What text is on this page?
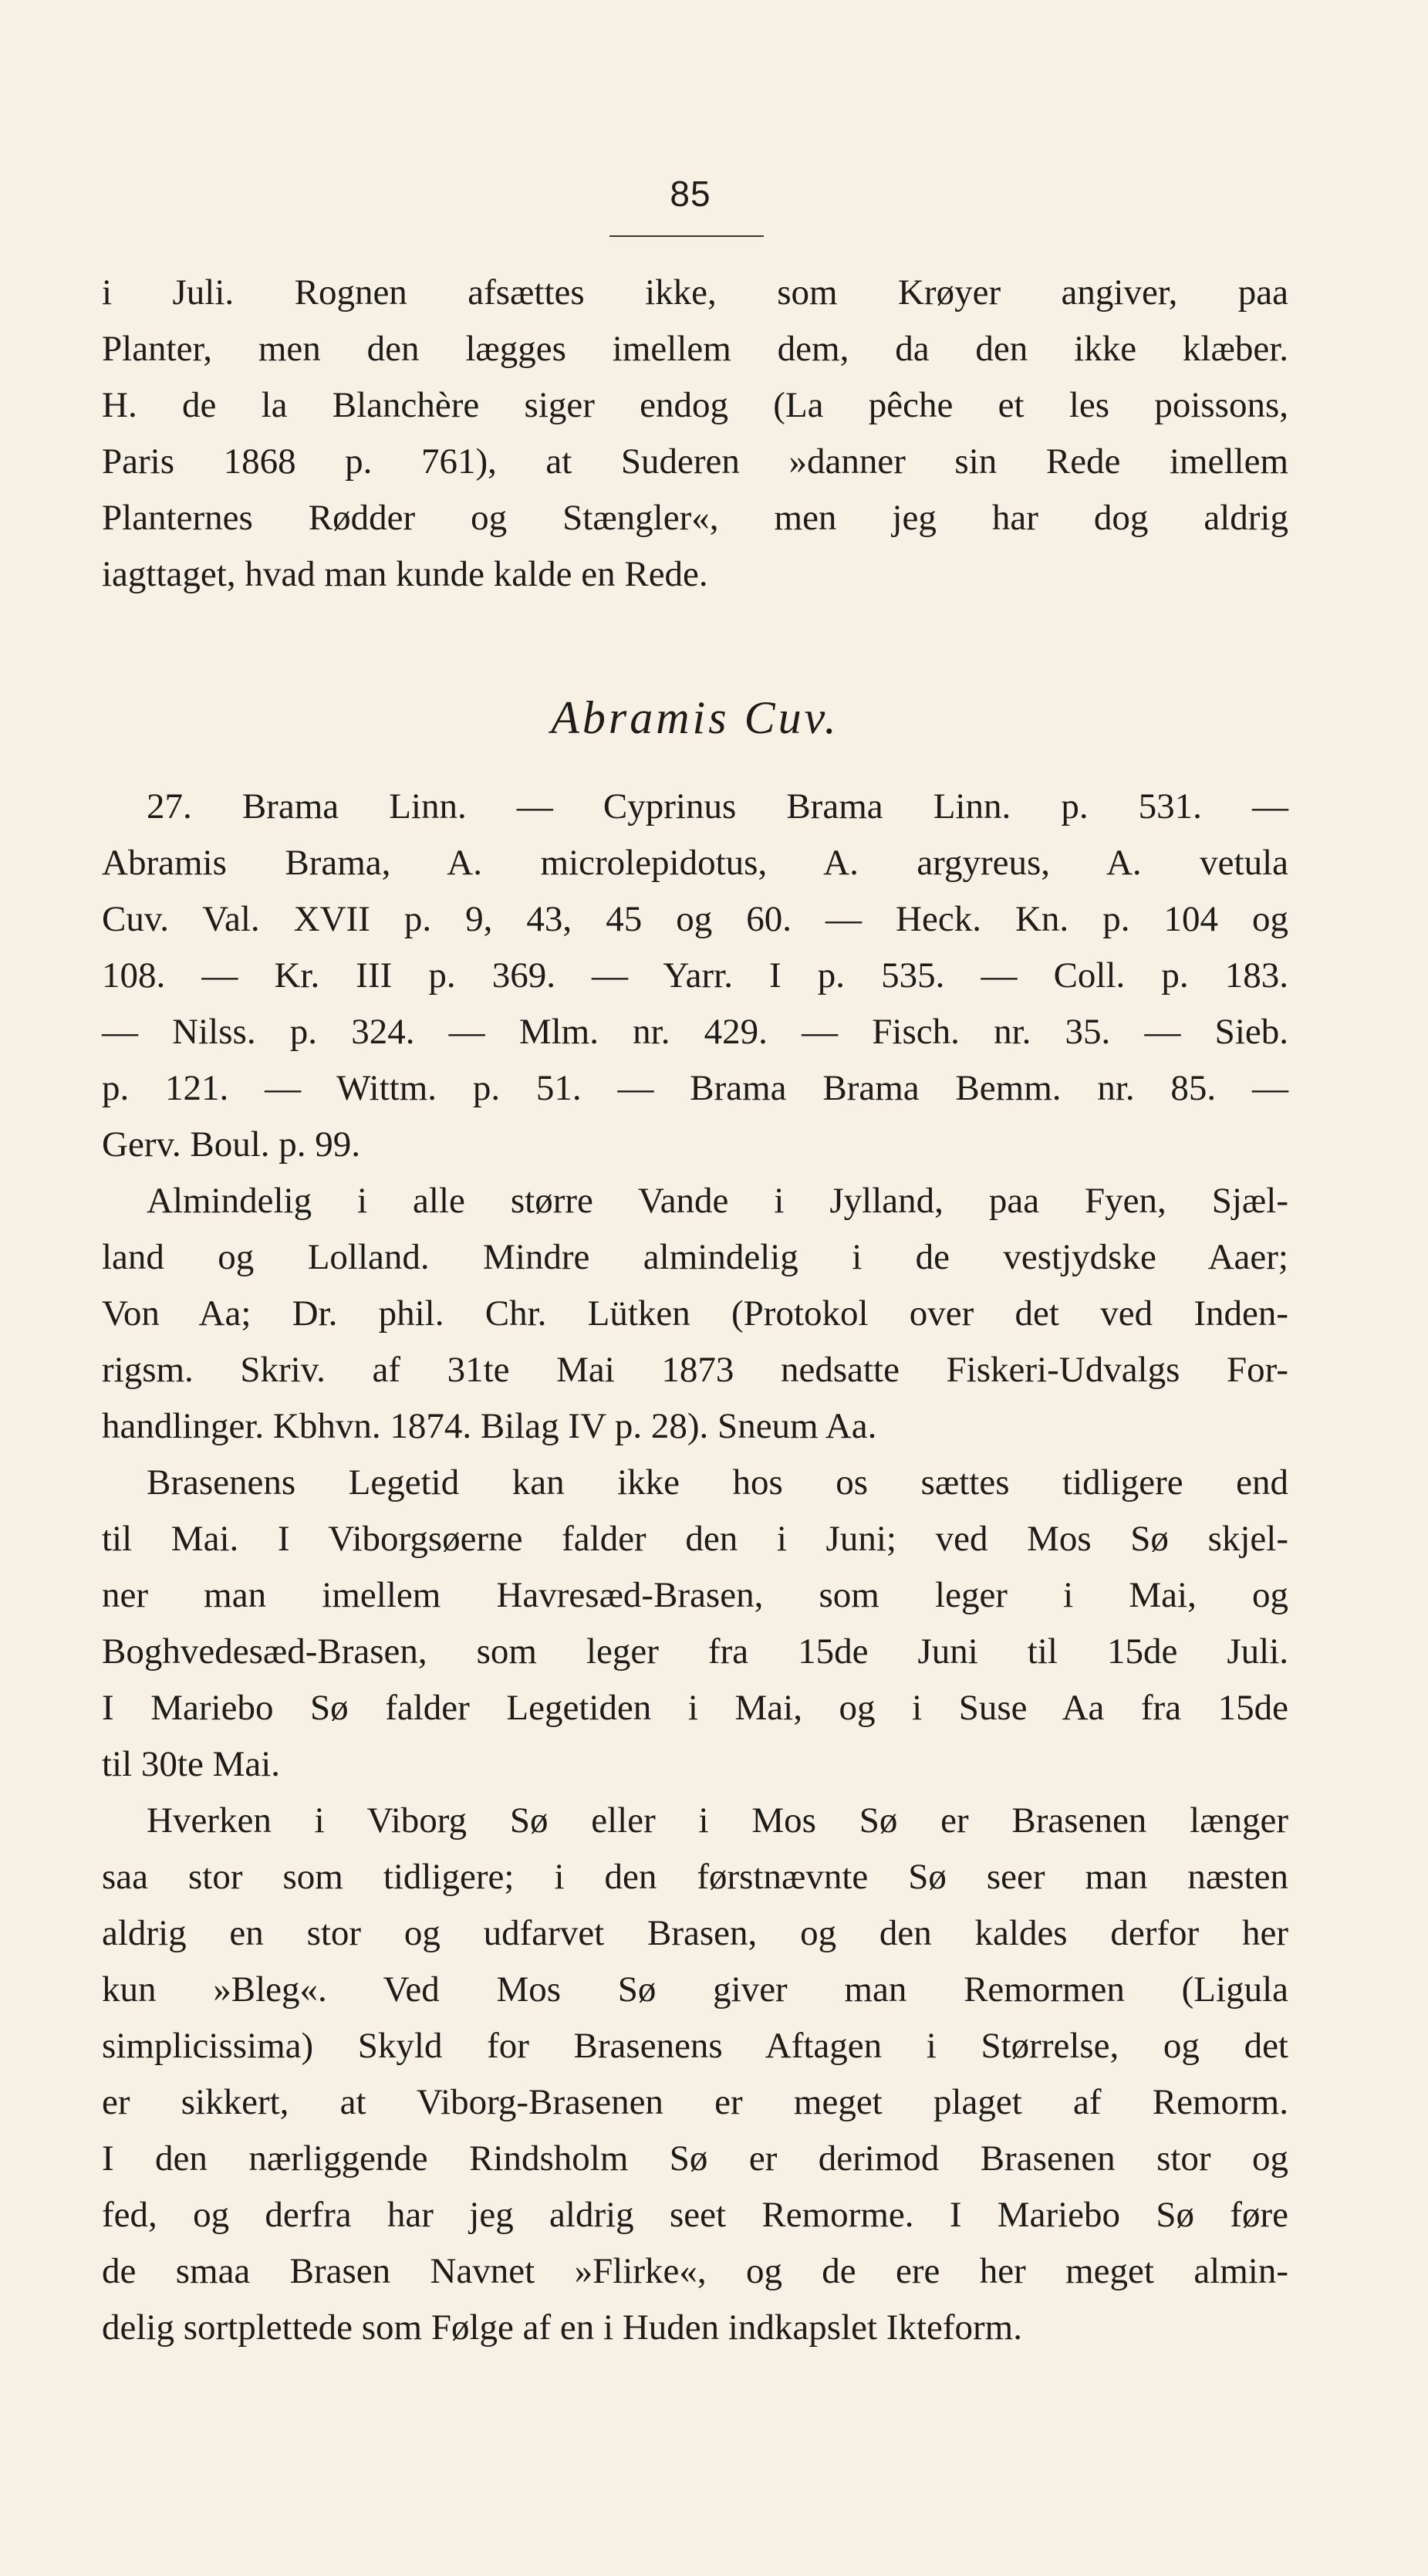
85
i Juli. Rognen afsættes ikke, som Krøyer angiver, paa
Planter, men den lægges imellem dem, da den ikke klæber.
H. de la Blanchère siger endog (La pêche et les poissons,
Paris 1868 p. 761), at Suderen »danner sin Rede imellem
Planternes Rødder og Stængler«, men jeg har dog aldrig
iagttaget, hvad man kunde kalde en Rede.
Abramis Cuv.
27. Brama Linn. — Cyprinus Brama Linn. p. 531. —
Abramis Brama, A. microlepidotus, A. argyreus, A. vetula
Cuv. Val. XVII p. 9, 43, 45 og 60. — Heck. Kn. p. 104 og
108. — Kr. III p. 369. — Yarr. I p. 535. — Coll. p. 183.
— Nilss. p. 324. — Mlm. nr. 429. — Fisch. nr. 35. — Sieb.
p. 121. — Wittm. p. 51. — Brama Brama Bemm. nr. 85. —
Gerv. Boul. p. 99.
Almindelig i alle større Vande i Jylland, paa Fyen, Sjæl-
land og Lolland. Mindre almindelig i de vestjydske Aaer;
Von Aa; Dr. phil. Chr. Lütken (Protokol over det ved Inden-
rigsm. Skriv. af 31te Mai 1873 nedsatte Fiskeri-Udvalgs For-
handlinger. Kbhvn. 1874. Bilag IV p. 28). Sneum Aa.
Brasenens Legetid kan ikke hos os sættes tidligere end
til Mai. I Viborgsøerne falder den i Juni; ved Mos Sø skjel-
ner man imellem Havresæd-Brasen, som leger i Mai, og
Boghvedesæd-Brasen, som leger fra 15de Juni til 15de Juli.
I Mariebo Sø falder Legetiden i Mai, og i Suse Aa fra 15de
til 30te Mai.
Hverken i Viborg Sø eller i Mos Sø er Brasenen længer
saa stor som tidligere; i den førstnævnte Sø seer man næsten
aldrig en stor og udfarvet Brasen, og den kaldes derfor her
kun »Bleg«. Ved Mos Sø giver man Remormen (Ligula
simplicissima) Skyld for Brasenens Aftagen i Størrelse, og det
er sikkert, at Viborg-Brasenen er meget plaget af Remorm.
I den nærliggende Rindsholm Sø er derimod Brasenen stor og
fed, og derfra har jeg aldrig seet Remorme. I Mariebo Sø føre
de smaa Brasen Navnet »Flirke«, og de ere her meget almin-
delig sortplettede som Følge af en i Huden indkapslet Ikteform.
